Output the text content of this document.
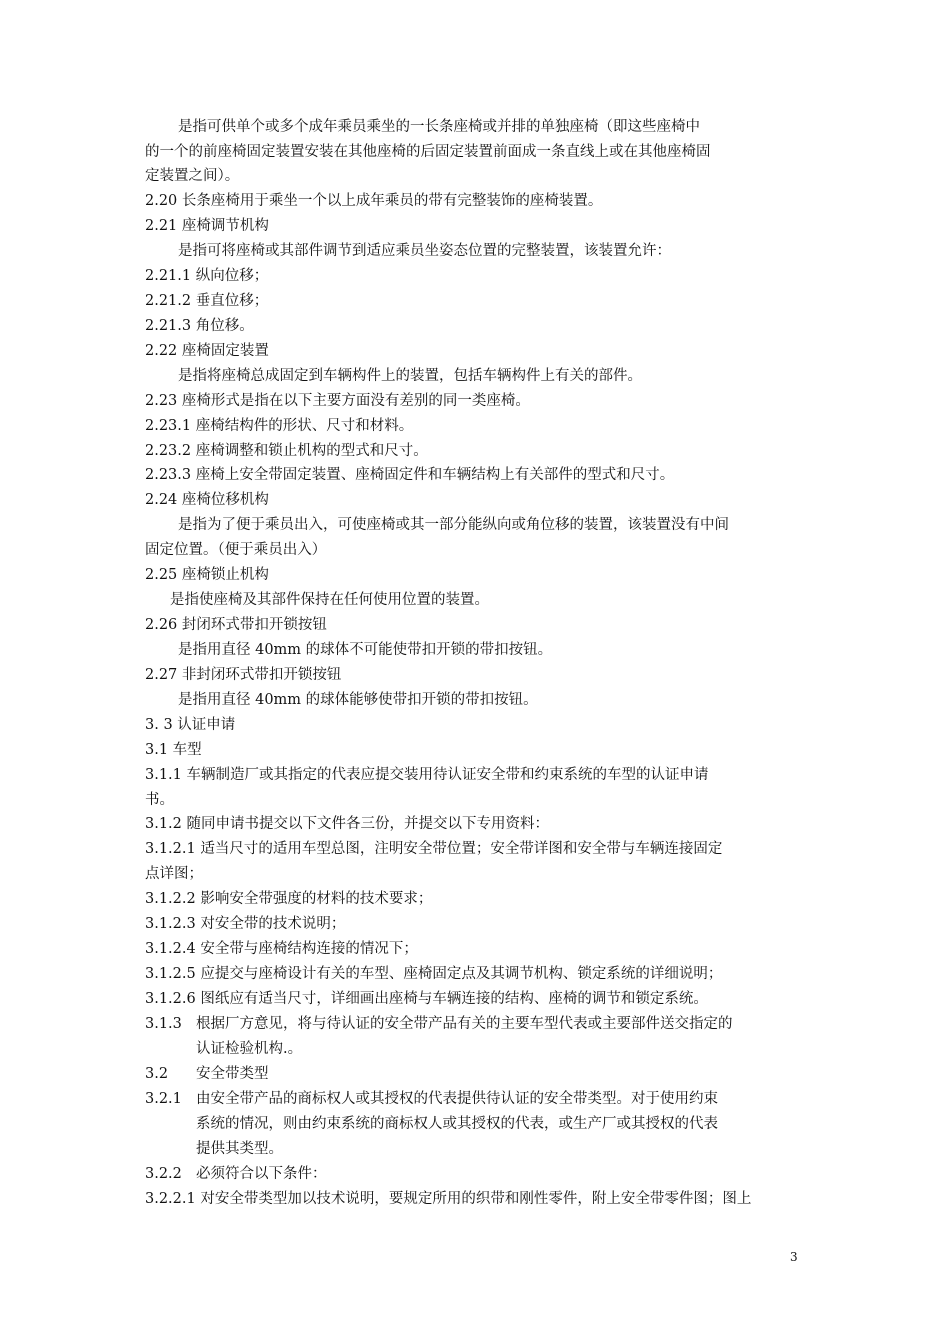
是指可供单个或多个成年乘员乘坐的一长条座椅或并排的单独座椅（即这些座椅中
的一个的前座椅固定装置安装在其他座椅的后固定装置前面成一条直线上或在其他座椅固
定装置之间）。
2.20 长条座椅用于乘坐一个以上成年乘员的带有完整装饰的座椅装置。
2.21 座椅调节机构
是指可将座椅或其部件调节到适应乘员坐姿态位置的完整装置，该装置允许：
2.21.1 纵向位移；
2.21.2 垂直位移；
2.21.3 角位移。
2.22 座椅固定装置
是指将座椅总成固定到车辆构件上的装置，包括车辆构件上有关的部件。
2.23 座椅形式是指在以下主要方面没有差别的同一类座椅。
2.23.1 座椅结构件的形状、尺寸和材料。
2.23.2 座椅调整和锁止机构的型式和尺寸。
2.23.3 座椅上安全带固定装置、座椅固定件和车辆结构上有关部件的型式和尺寸。
2.24 座椅位移机构
是指为了便于乘员出入，可使座椅或其一部分能纵向或角位移的装置，该装置没有中间
固定位置。（便于乘员出入）
2.25 座椅锁止机构
是指使座椅及其部件保持在任何使用位置的装置。
2.26 封闭环式带扣开锁按钮
是指用直径 40mm 的球体不可能使带扣开锁的带扣按钮。
2.27 非封闭环式带扣开锁按钮
是指用直径 40mm 的球体能够使带扣开锁的带扣按钮。
3. 3 认证申请
3.1 车型
3.1.1 车辆制造厂或其指定的代表应提交装用待认证安全带和约束系统的车型的认证申请
书。
3.1.2 随同申请书提交以下文件各三份，并提交以下专用资料：
3.1.2.1 适当尺寸的适用车型总图，注明安全带位置；安全带详图和安全带与车辆连接固定
点详图；
3.1.2.2 影响安全带强度的材料的技术要求；
3.1.2.3 对安全带的技术说明；
3.1.2.4 安全带与座椅结构连接的情况下；
3.1.2.5 应提交与座椅设计有关的车型、座椅固定点及其调节机构、锁定系统的详细说明；
3.1.2.6 图纸应有适当尺寸，详细画出座椅与车辆连接的结构、座椅的调节和锁定系统。
3.1.3 根据厂方意见，将与待认证的安全带产品有关的主要车型代表或主要部件送交指定的
认证检验机构.。
3.2	安全带类型
3.2.1 由安全带产品的商标权人或其授权的代表提供待认证的安全带类型。对于使用约束
系统的情况，则由约束系统的商标权人或其授权的代表，或生产厂或其授权的代表
提供其类型。
3.2.2 必须符合以下条件：
3.2.2.1 对安全带类型加以技术说明，要规定所用的织带和刚性零件，附上安全带零件图；图上
3
